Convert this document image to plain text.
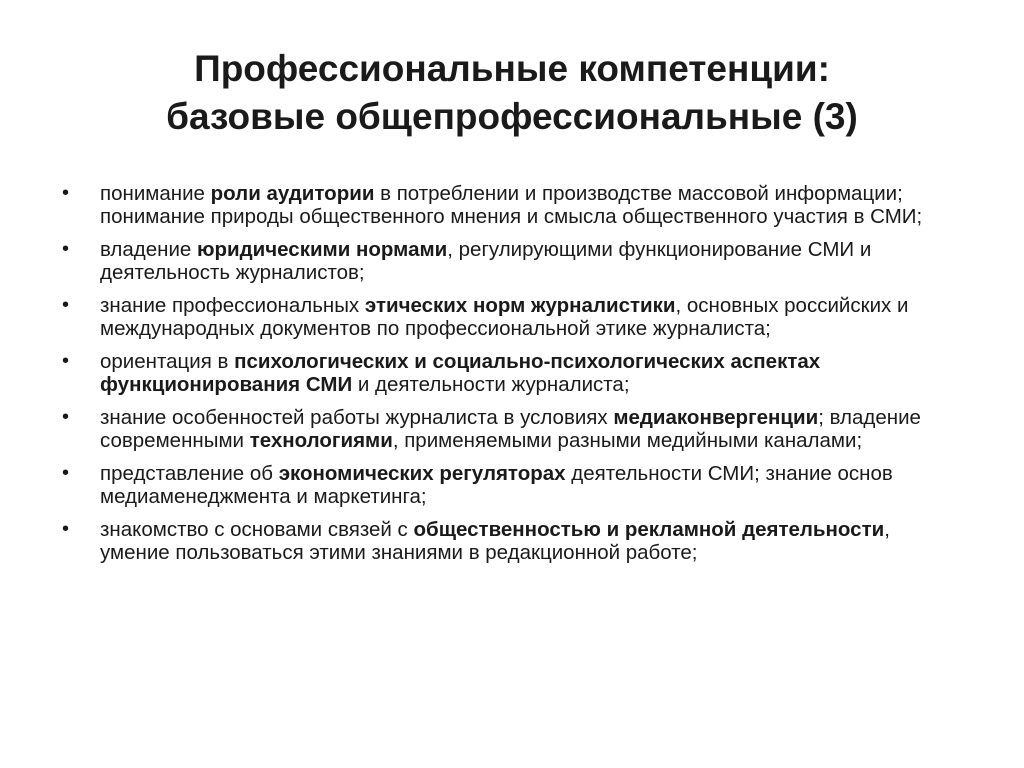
Профессиональные компетенции:
базовые общепрофессиональные (3)
•	понимание роли аудитории в потреблении и производстве массовой информации; понимание природы общественного мнения и смысла общественного участия в СМИ;
•	владение юридическими нормами, регулирующими функционирование СМИ и деятельность журналистов;
•	знание профессиональных этических норм журналистики, основных российских и международных документов по профессиональной этике журналиста;
•	ориентация в психологических и социально-психологических аспектах функционирования СМИ и деятельности журналиста;
•	знание особенностей работы журналиста в условиях медиаконвергенции; владение современными технологиями, применяемыми разными медийными каналами;
•	представление об экономических регуляторах деятельности СМИ; знание основ медиаменеджмента и маркетинга;
•	знакомство с основами связей с общественностью и рекламной деятельности, умение пользоваться этими знаниями в редакционной работе;
